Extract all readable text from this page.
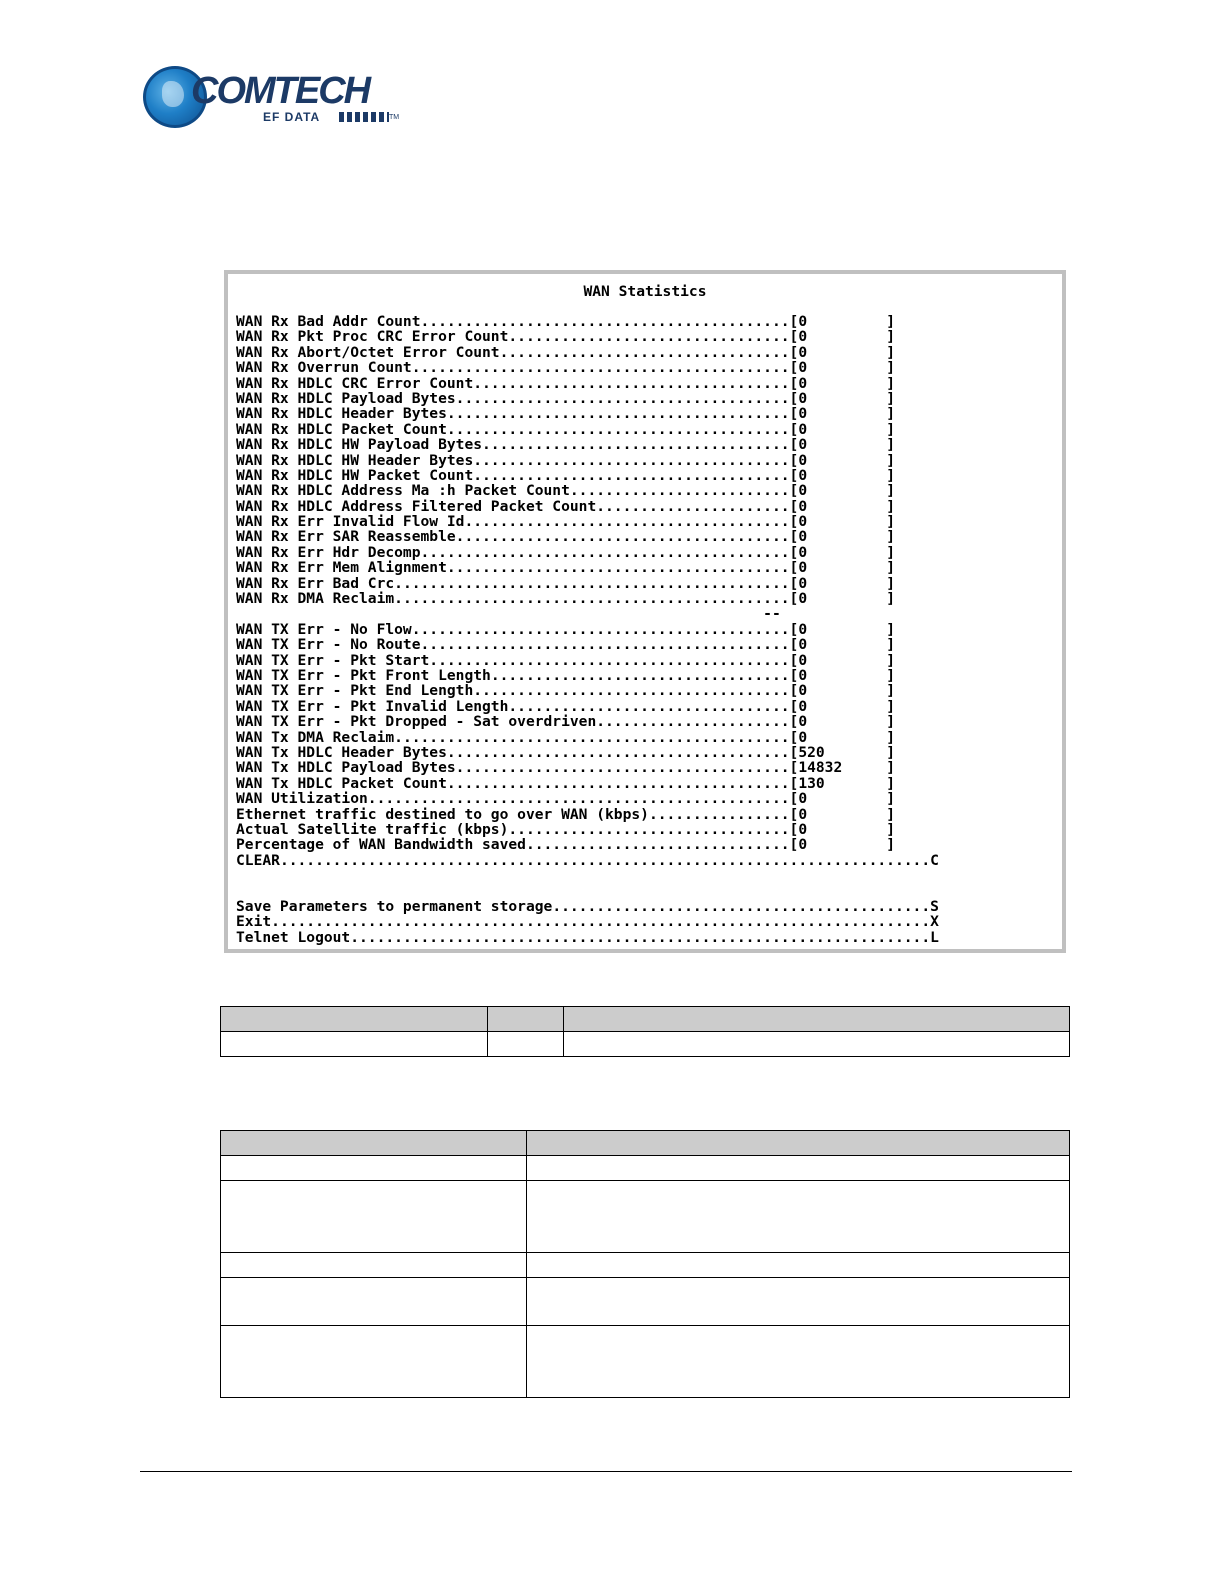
COMTECH
EF DATA	TM
WAN Statistics
WAN Rx Bad Addr Count..........................................[0         ]
WAN Rx Pkt Proc CRC Error Count................................[0         ]
WAN Rx Abort/Octet Error Count.................................[0         ]
WAN Rx Overrun Count...........................................[0         ]
WAN Rx HDLC CRC Error Count....................................[0         ]
WAN Rx HDLC Payload Bytes......................................[0         ]
WAN Rx HDLC Header Bytes.......................................[0         ]
WAN Rx HDLC Packet Count.......................................[0         ]
WAN Rx HDLC HW Payload Bytes...................................[0         ]
WAN Rx HDLC HW Header Bytes....................................[0         ]
WAN Rx HDLC HW Packet Count....................................[0         ]
WAN Rx HDLC Address Ma :h Packet Count.........................[0         ]
WAN Rx HDLC Address Filtered Packet Count......................[0         ]
WAN Rx Err Invalid Flow Id.....................................[0         ]
WAN Rx Err SAR Reassemble......................................[0         ]
WAN Rx Err Hdr Decomp..........................................[0         ]
WAN Rx Err Mem Alignment.......................................[0         ]
WAN Rx Err Bad Crc.............................................[0         ]
WAN Rx DMA Reclaim.............................................[0         ]
--
WAN TX Err - No Flow...........................................[0         ]
WAN TX Err - No Route..........................................[0         ]
WAN TX Err - Pkt Start.........................................[0         ]
WAN TX Err - Pkt Front Length..................................[0         ]
WAN TX Err - Pkt End Length....................................[0         ]
WAN TX Err - Pkt Invalid Length................................[0         ]
WAN TX Err - Pkt Dropped - Sat overdriven......................[0         ]
WAN Tx DMA Reclaim.............................................[0         ]
WAN Tx HDLC Header Bytes.......................................[520       ]
WAN Tx HDLC Payload Bytes......................................[14832     ]
WAN Tx HDLC Packet Count.......................................[130       ]
WAN Utilization................................................[0         ]
Ethernet traffic destined to go over WAN (kbps)................[0         ]
Actual Satellite traffic (kbps)................................[0         ]
Percentage of WAN Bandwidth saved..............................[0         ]
CLEAR..........................................................................C
Save Parameters to permanent storage...........................................S
Exit...........................................................................X
Telnet Logout..................................................................L
